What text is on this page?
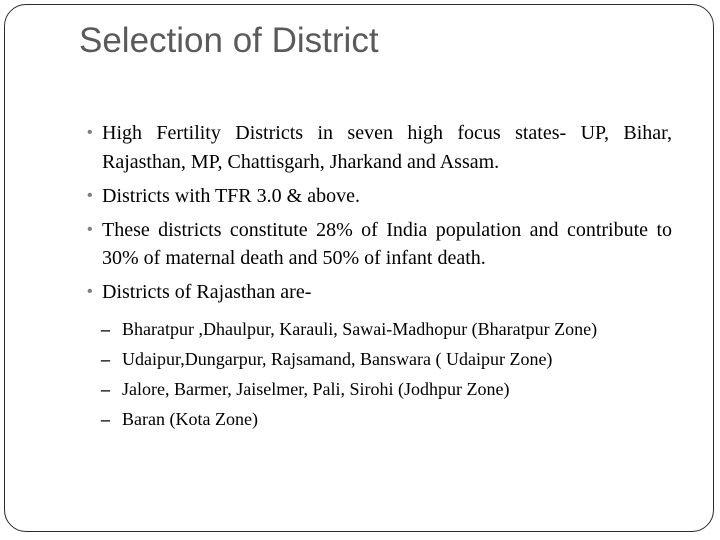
Selection of District
• High Fertility Districts in seven high focus states- UP, Bihar, Rajasthan, MP, Chattisgarh, Jharkand and Assam.
• Districts with TFR 3.0 & above.
• These districts constitute 28% of India population and contribute to 30% of maternal death and 50% of infant death.
• Districts of Rajasthan are-
– Bharatpur ,Dhaulpur, Karauli, Sawai-Madhopur (Bharatpur Zone)
– Udaipur,Dungarpur, Rajsamand, Banswara ( Udaipur Zone)
– Jalore, Barmer, Jaiselmer, Pali, Sirohi (Jodhpur Zone)
– Baran (Kota Zone)
